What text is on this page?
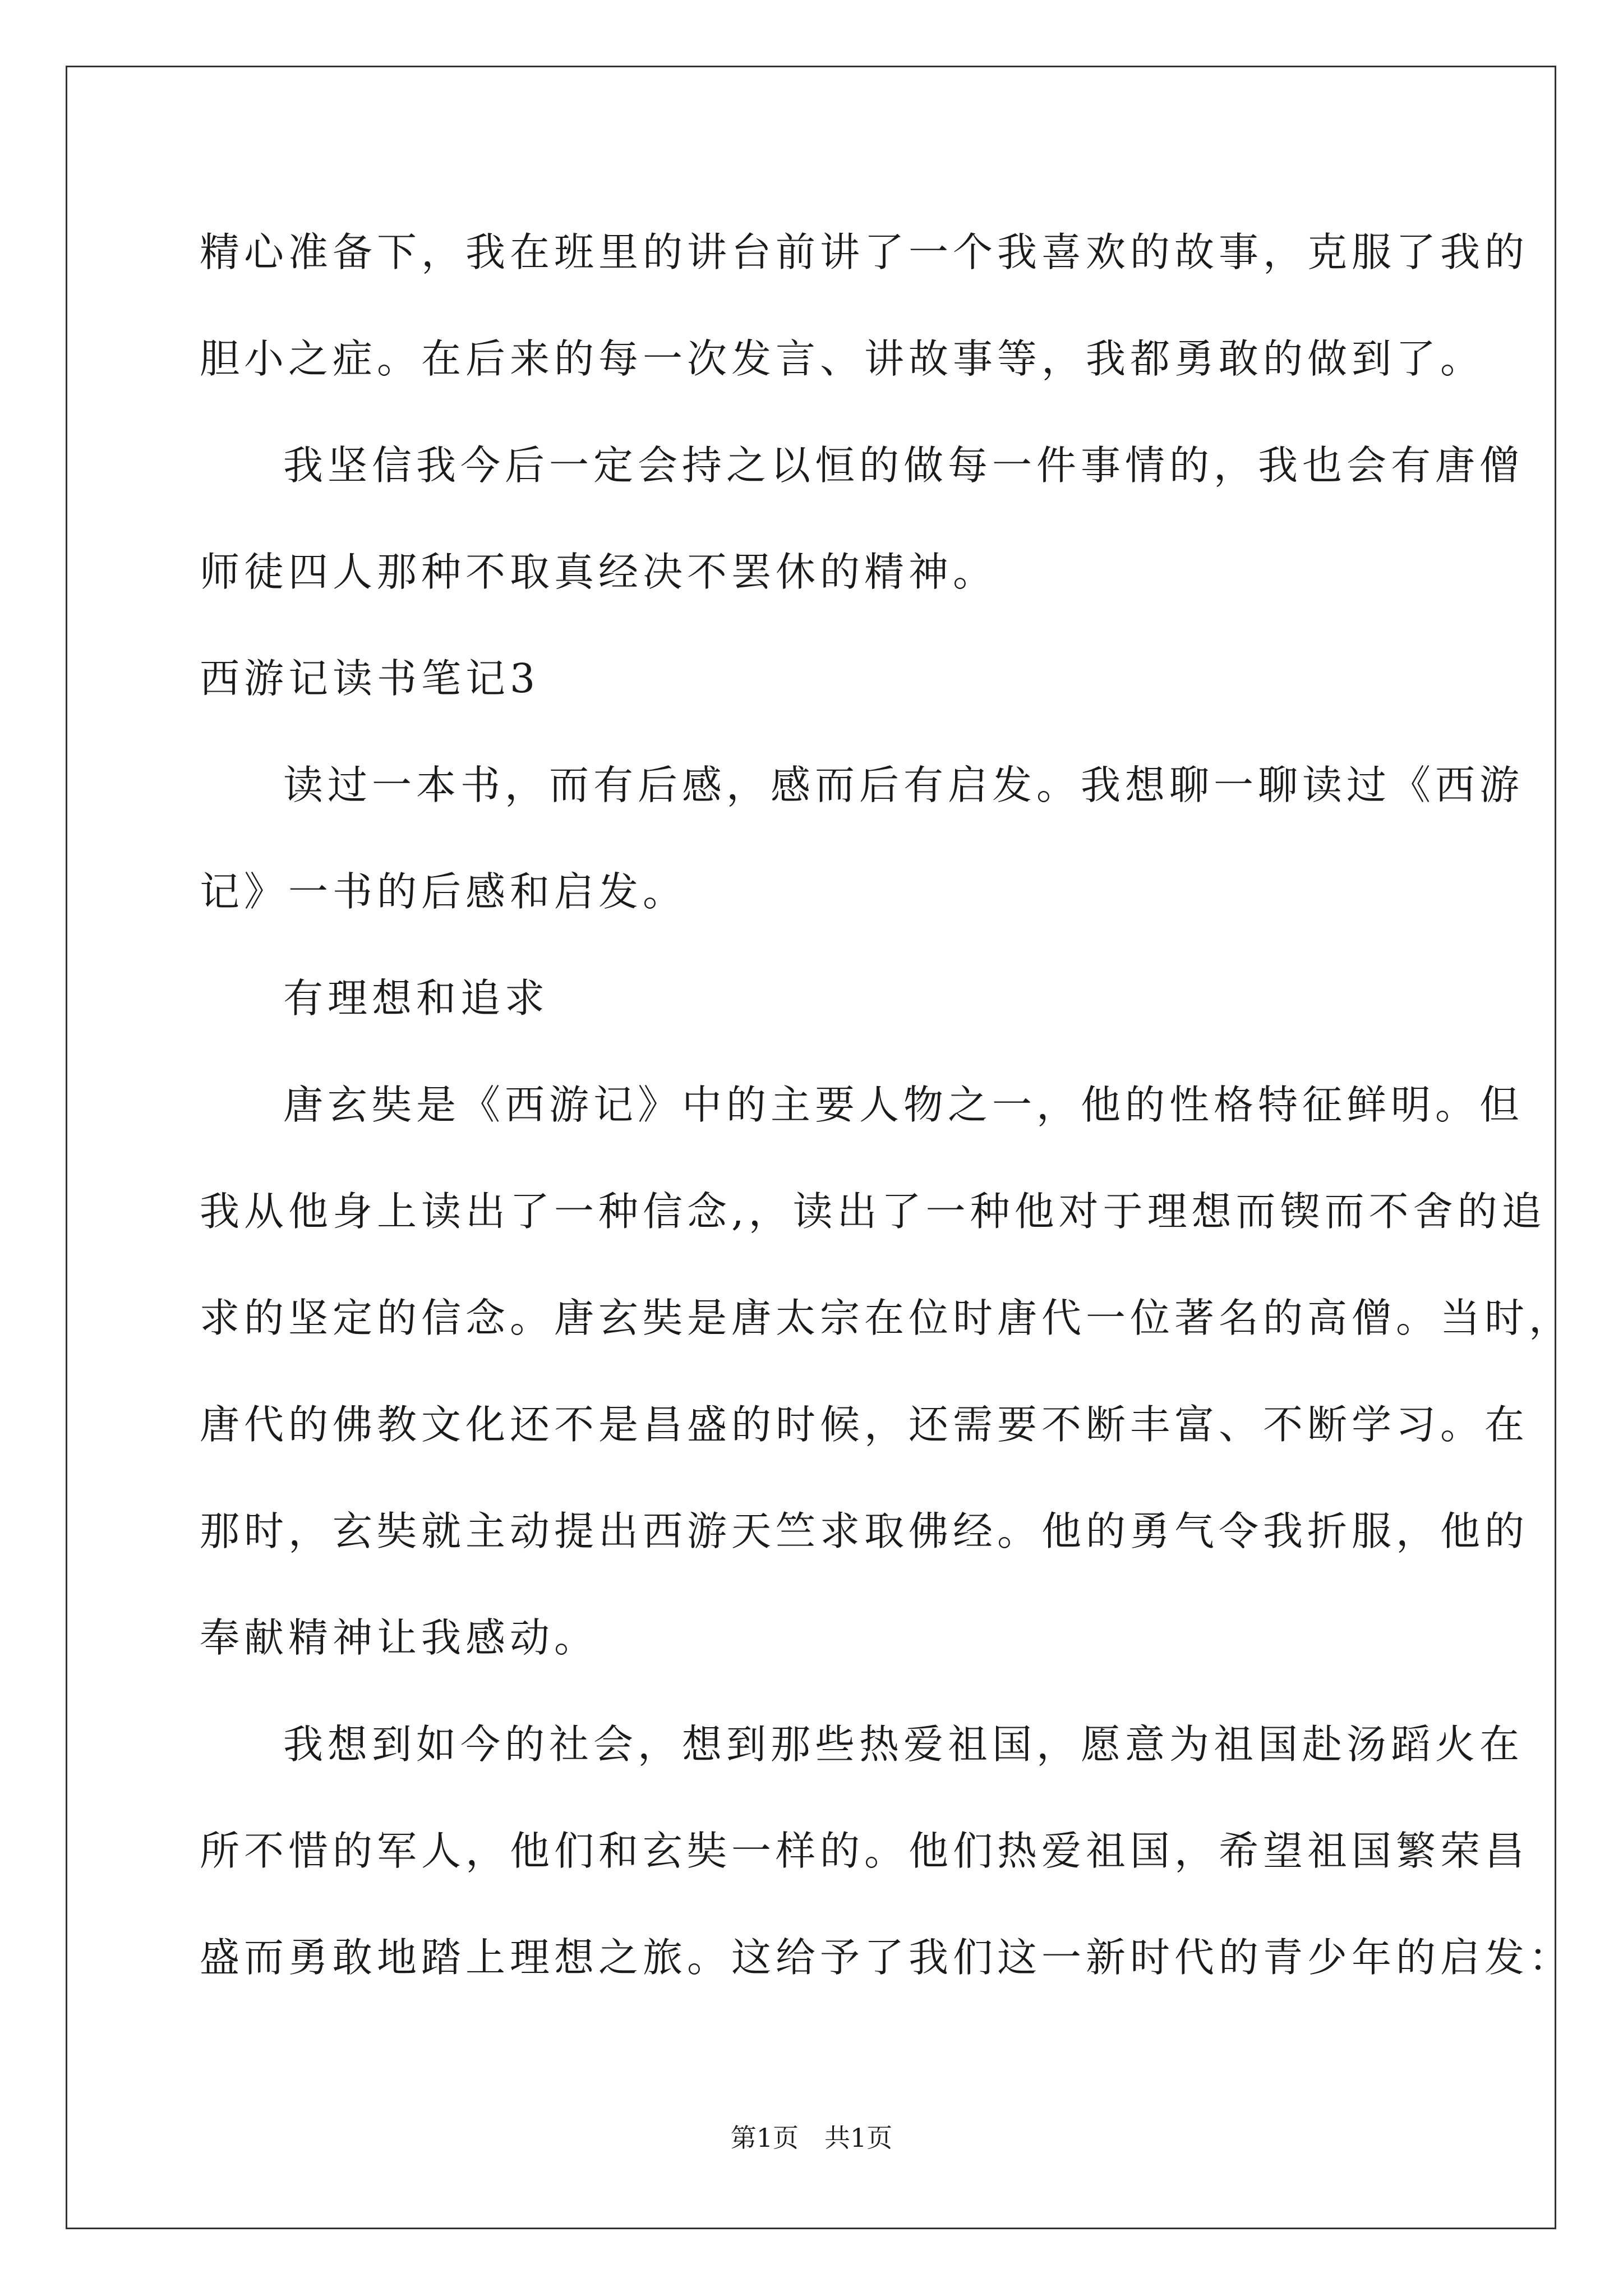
精心准备下，我在班里的讲台前讲了一个我喜欢的故事，克服了我的
胆小之症。在后来的每一次发言、讲故事等，我都勇敢的做到了。
我坚信我今后一定会持之以恒的做每一件事情的，我也会有唐僧
师徒四人那种不取真经决不罢休的精神。
西游记读书笔记3
读过一本书，而有后感，感而后有启发。我想聊一聊读过《西游
记》一书的后感和启发。
有理想和追求
唐玄奘是《西游记》中的主要人物之一，他的性格特征鲜明。但
我从他身上读出了一种信念,，读出了一种他对于理想而锲而不舍的追
求的坚定的信念。唐玄奘是唐太宗在位时唐代一位著名的高僧。当时，
唐代的佛教文化还不是昌盛的时候，还需要不断丰富、不断学习。在
那时，玄奘就主动提出西游天竺求取佛经。他的勇气令我折服，他的
奉献精神让我感动。
我想到如今的社会，想到那些热爱祖国，愿意为祖国赴汤蹈火在
所不惜的军人，他们和玄奘一样的。他们热爱祖国，希望祖国繁荣昌
盛而勇敢地踏上理想之旅。这给予了我们这一新时代的青少年的启发：
第1页　共1页
